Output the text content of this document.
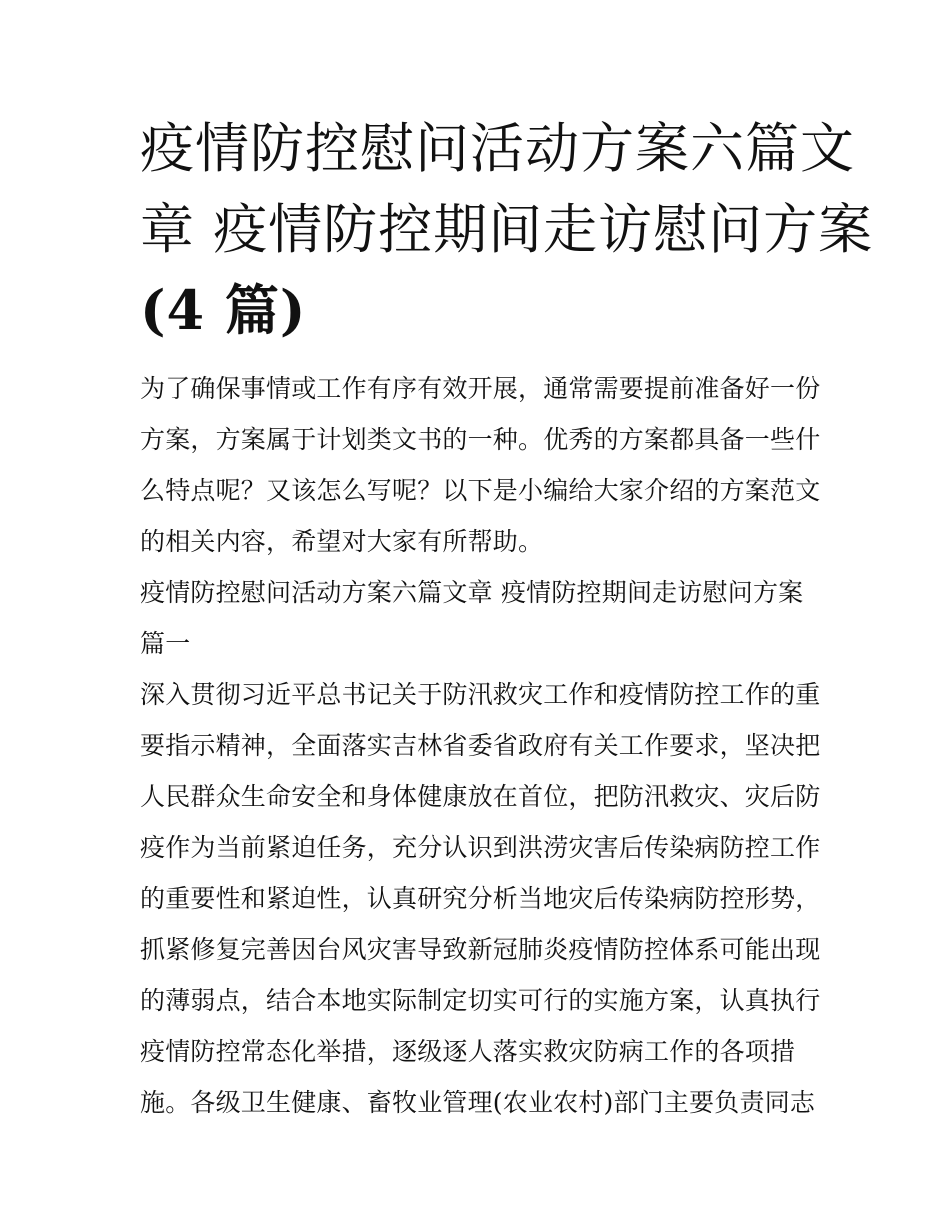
疫情防控慰问活动方案六篇文
章 疫情防控期间走访慰问方案
(4 篇)
为了确保事情或工作有序有效开展，通常需要提前准备好一份
方案，方案属于计划类文书的一种。优秀的方案都具备一些什
么特点呢？又该怎么写呢？以下是小编给大家介绍的方案范文
的相关内容，希望对大家有所帮助。
疫情防控慰问活动方案六篇文章 疫情防控期间走访慰问方案
篇一
深入贯彻习近平总书记关于防汛救灾工作和疫情防控工作的重
要指示精神，全面落实吉林省委省政府有关工作要求，坚决把
人民群众生命安全和身体健康放在首位，把防汛救灾、灾后防
疫作为当前紧迫任务，充分认识到洪涝灾害后传染病防控工作
的重要性和紧迫性，认真研究分析当地灾后传染病防控形势，
抓紧修复完善因台风灾害导致新冠肺炎疫情防控体系可能出现
的薄弱点，结合本地实际制定切实可行的实施方案，认真执行
疫情防控常态化举措，逐级逐人落实救灾防病工作的各项措
施。各级卫生健康、畜牧业管理(农业农村)部门主要负责同志
